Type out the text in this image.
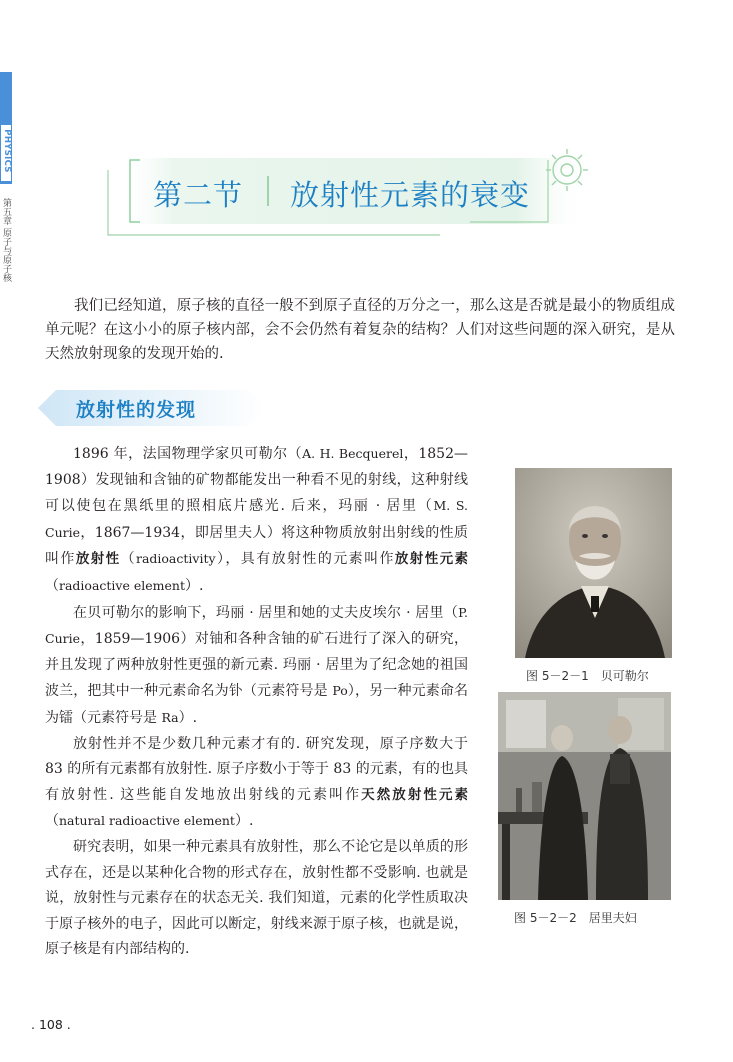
PHYSICS
第五章 原子与原子核
第二节 放射性元素的衰变

我们已经知道，原子核的直径一般不到原子直径的万分之一，那么这是否就是最小的物质组成单元呢？在这小小的原子核内部，会不会仍然有着复杂的结构？人们对这些问题的深入研究，是从天然放射现象的发现开始的.

放射性的发现

1896 年，法国物理学家贝可勒尔（A. H. Becquerel，1852—1908）发现铀和含铀的矿物都能发出一种看不见的射线，这种射线可以使包在黑纸里的照相底片感光. 后来，玛丽 · 居里（M. S. Curie，1867—1934，即居里夫人）将这种物质放射出射线的性质叫作放射性（radioactivity），具有放射性的元素叫作放射性元素（radioactive element）.

在贝可勒尔的影响下，玛丽 · 居里和她的丈夫皮埃尔 · 居里（P. Curie，1859—1906）对铀和各种含铀的矿石进行了深入的研究，并且发现了两种放射性更强的新元素. 玛丽 · 居里为了纪念她的祖国波兰，把其中一种元素命名为钋（元素符号是 Po），另一种元素命名为镭（元素符号是 Ra）.

放射性并不是少数几种元素才有的. 研究发现，原子序数大于 83 的所有元素都有放射性. 原子序数小于等于 83 的元素，有的也具有放射性. 这些能自发地放出射线的元素叫作天然放射性元素（natural radioactive element）.

研究表明，如果一种元素具有放射性，那么不论它是以单质的形式存在，还是以某种化合物的形式存在，放射性都不受影响. 也就是说，放射性与元素存在的状态无关. 我们知道，元素的化学性质取决于原子核外的电子，因此可以断定，射线来源于原子核，也就是说，原子核是有内部结构的.

图 5－2－1　贝可勒尔
图 5－2－2　居里夫妇
. 108 .
